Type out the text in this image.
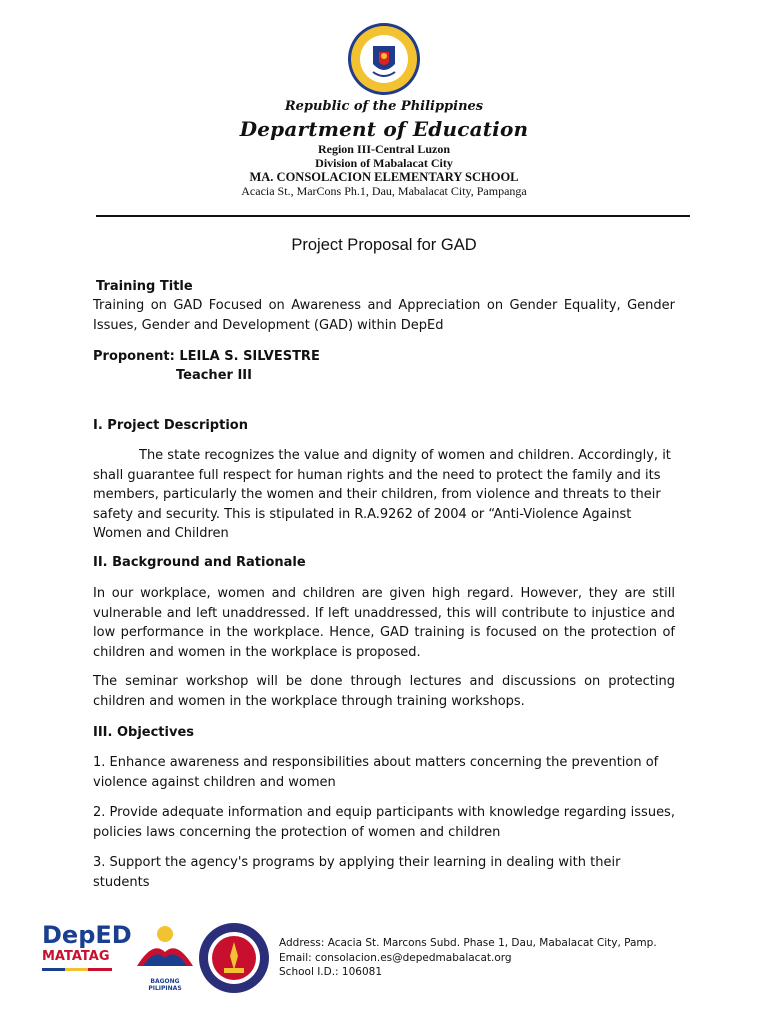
Republic of the Philippines
Department of Education
Region III-Central Luzon
Division of Mabalacat City
MA. CONSOLACION ELEMENTARY SCHOOL
Acacia St., MarCons Ph.1, Dau, Mabalacat City, Pampanga
Project Proposal for GAD
Training Title
Training on GAD Focused on Awareness and Appreciation on Gender Equality, Gender Issues, Gender and Development (GAD) within DepEd
Proponent: LEILA S. SILVESTRE
Teacher III
I. Project Description
The state recognizes the value and dignity of women and children. Accordingly, it shall guarantee full respect for human rights and the need to protect the family and its members, particularly the women and their children, from violence and threats to their safety and security. This is stipulated in R.A.9262 of 2004 or “Anti-Violence Against Women and Children
II. Background and Rationale
In our workplace, women and children are given high regard. However, they are still vulnerable and left unaddressed. If left unaddressed, this will contribute to injustice and low performance in the workplace. Hence, GAD training is focused on the protection of children and women in the workplace is proposed.
The seminar workshop will be done through lectures and discussions on protecting children and women in the workplace through training workshops.
III. Objectives
1. Enhance awareness and responsibilities about matters concerning the prevention of violence against children and women
2. Provide adequate information and equip participants with knowledge regarding issues, policies laws concerning the protection of women and children
3. Support the agency's programs by applying their learning in dealing with their students
DepED
MATATAG
BAGONG PILIPINAS
Address: Acacia St. Marcons Subd. Phase 1, Dau, Mabalacat City, Pamp.
Email: consolacion.es@depedmabalacat.org
School I.D.: 106081
